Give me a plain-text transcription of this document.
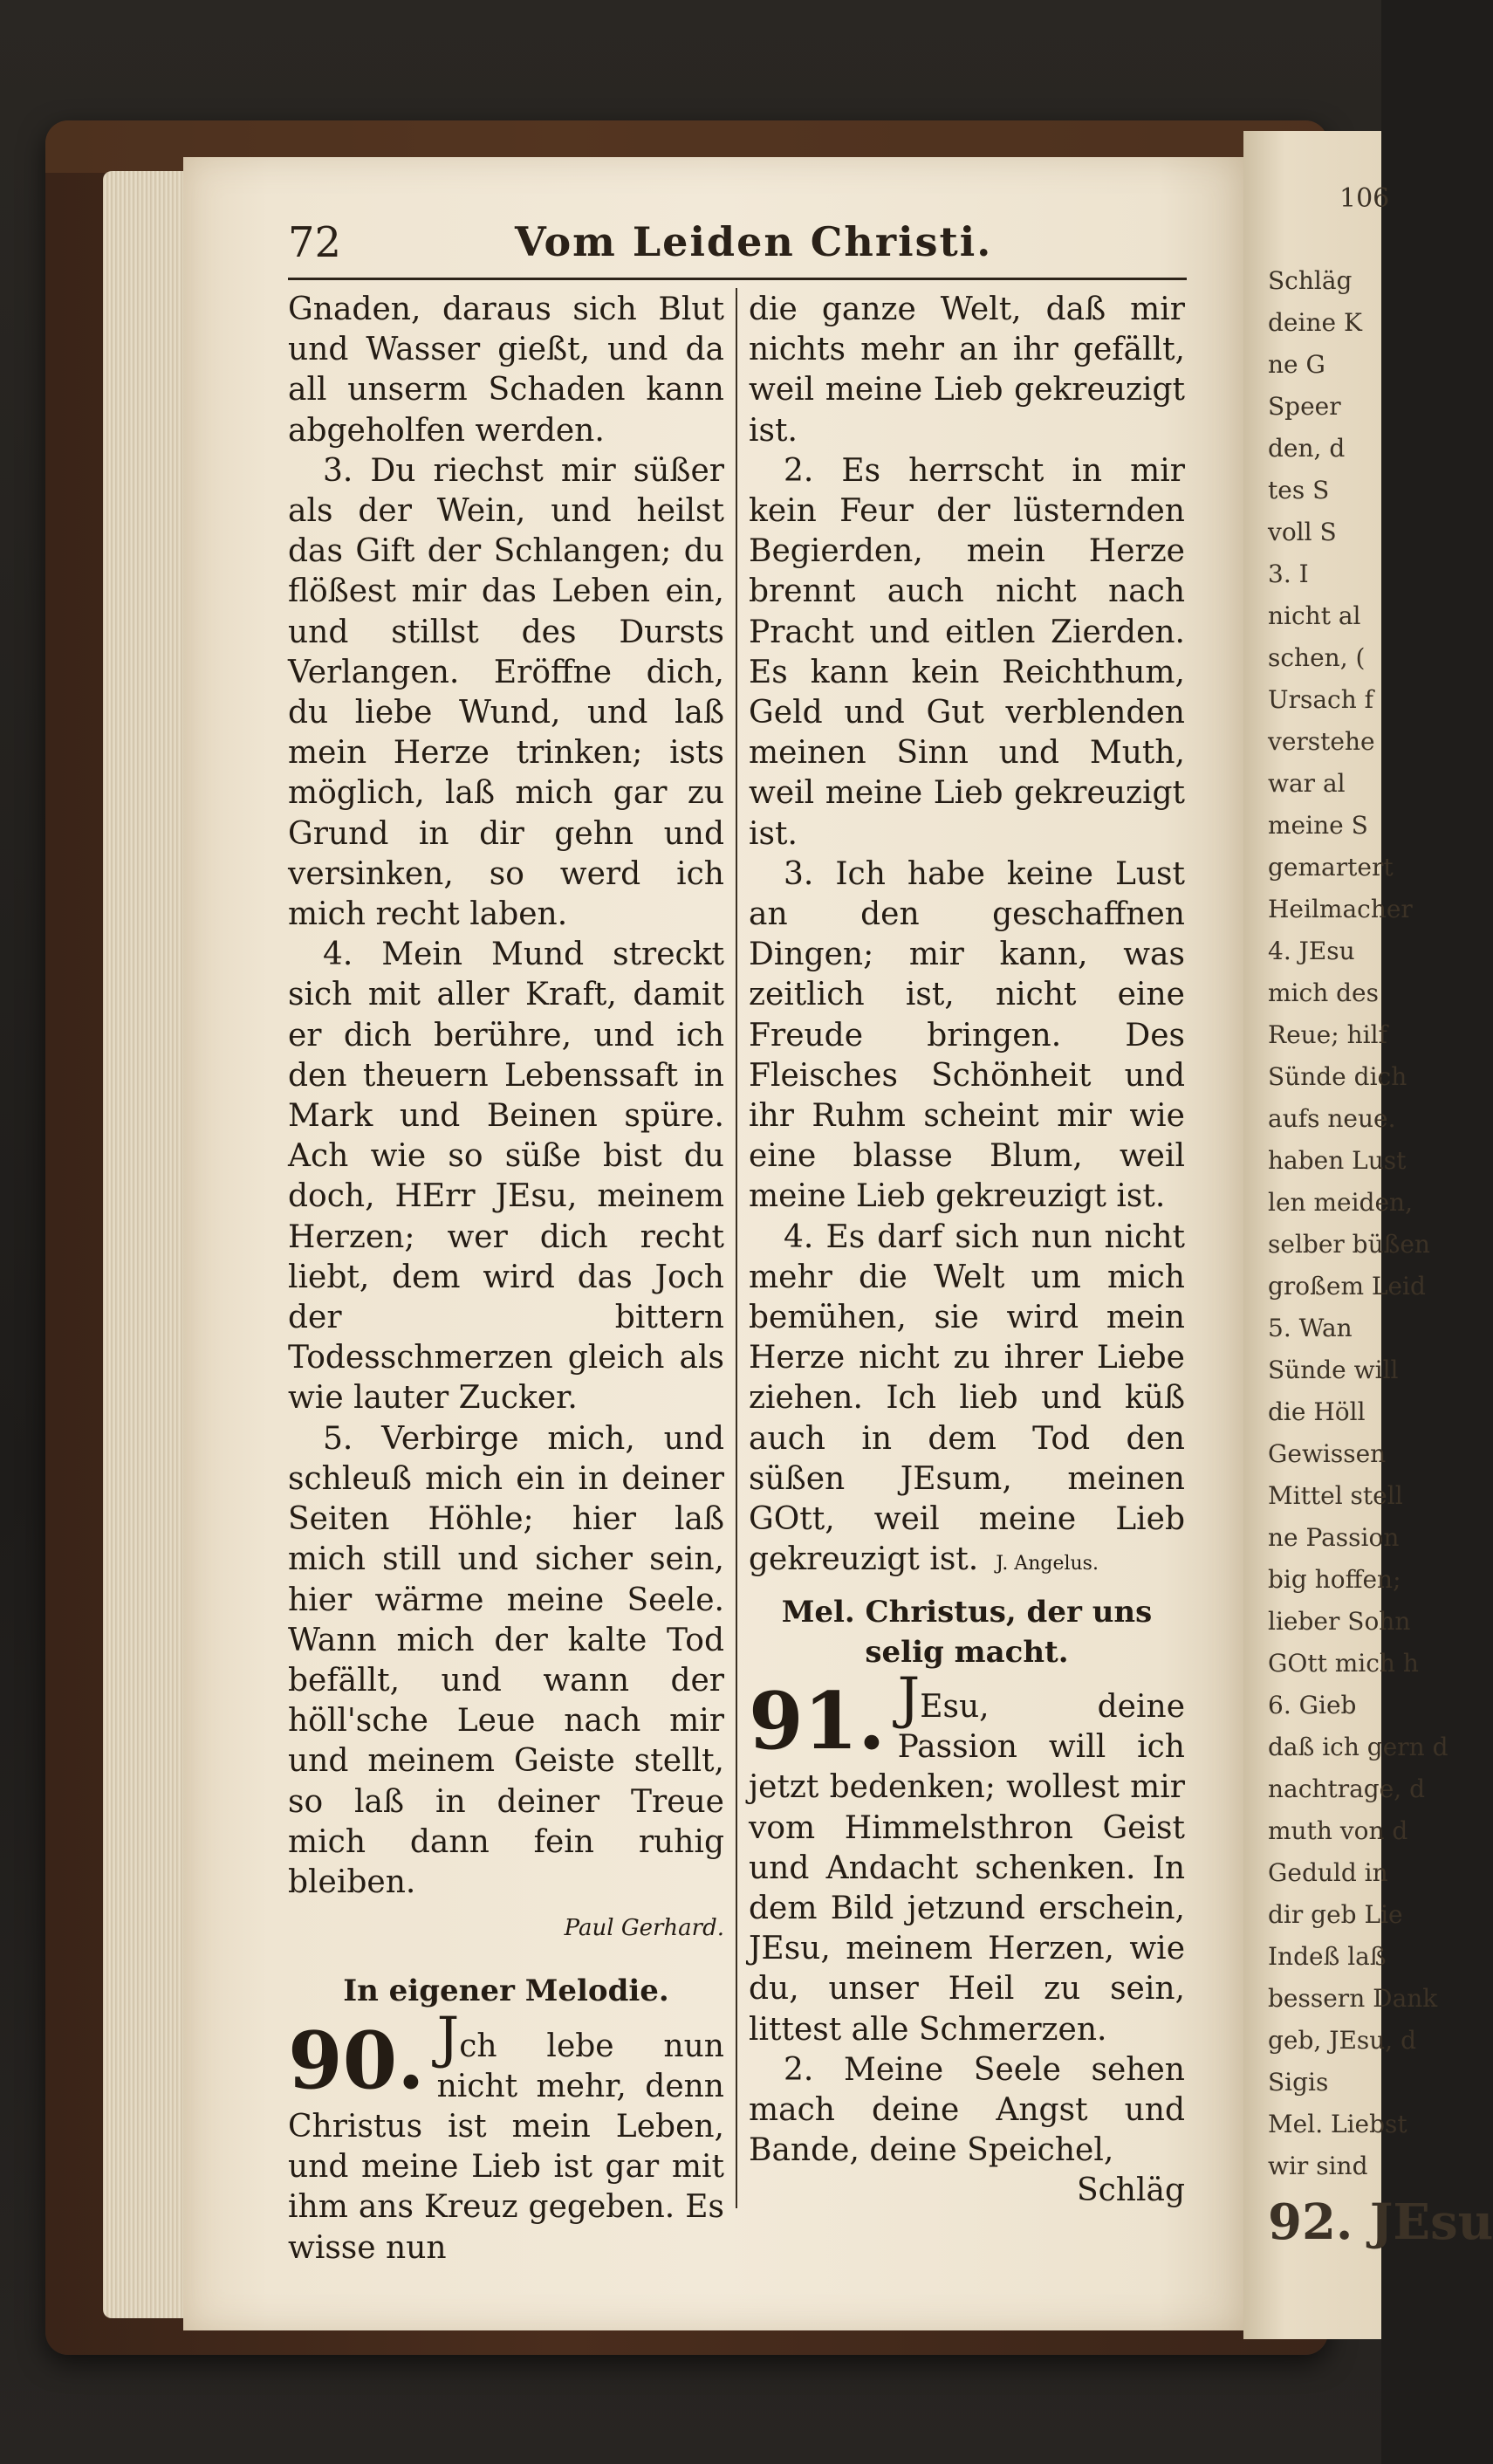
106
Schläg
deine K
ne G
Speer
den, d
tes S
voll S
3. I
nicht al
schen, (
Ursach f
verstehe
war al
meine S
gemartert
Heilmacher
4. JEsu
mich des
Reue; hilf
Sünde dich
aufs neue.
haben Lust
len meiden,
selber büßen
großem Leid
5. Wan
Sünde will
die Höll
Gewissen
Mittel stell
ne Passion
big hoffen;
lieber Sohn
GOtt mich h
6. Gieb
daß ich gern d
nachtrage, d
muth von d
Geduld in
dir geb Lie
Indeß laß
bessern Dank
geb, JEsu, d
Sigis
Mel. Liebst
wir sind
92. JEsu
72	Vom Leiden Christi.

Gnaden, daraus sich Blut und Wasser gießt, und da all unserm Schaden kann abgeholfen werden.

3. Du riechst mir süßer als der Wein, und heilst das Gift der Schlangen; du flößest mir das Leben ein, und stillst des Dursts Verlangen. Eröffne dich, du liebe Wund, und laß mein Herze trinken; ists möglich, laß mich gar zu Grund in dir gehn und versinken, so werd ich mich recht laben.

4. Mein Mund streckt sich mit aller Kraft, damit er dich berühre, und ich den theuern Lebenssaft in Mark und Beinen spüre. Ach wie so süße bist du doch, HErr JEsu, meinem Herzen; wer dich recht liebt, dem wird das Joch der bittern Todesschmerzen gleich als wie lauter Zucker.

5. Verbirge mich, und schleuß mich ein in deiner Seiten Höhle; hier laß mich still und sicher sein, hier wärme meine Seele. Wann mich der kalte Tod befällt, und wann der höll'sche Leue nach mir und meinem Geiste stellt, so laß in deiner Treue mich dann fein ruhig bleiben.

Paul Gerhard.
In eigener Melodie.

90. Jch lebe nun nicht mehr, denn Christus ist mein Leben, und meine Lieb ist gar mit ihm ans Kreuz gegeben. Es wisse nun

die ganze Welt, daß mir nichts mehr an ihr gefällt, weil meine Lieb gekreuzigt ist.

2. Es herrscht in mir kein Feur der lüsternden Begierden, mein Herze brennt auch nicht nach Pracht und eitlen Zierden. Es kann kein Reichthum, Geld und Gut verblenden meinen Sinn und Muth, weil meine Lieb gekreuzigt ist.

3. Ich habe keine Lust an den geschaffnen Dingen; mir kann, was zeitlich ist, nicht eine Freude bringen. Des Fleisches Schönheit und ihr Ruhm scheint mir wie eine blasse Blum, weil meine Lieb gekreuzigt ist.

4. Es darf sich nun nicht mehr die Welt um mich bemühen, sie wird mein Herze nicht zu ihrer Liebe ziehen. Ich lieb und küß auch in dem Tod den süßen JEsum, meinen GOtt, weil meine Lieb gekreuzigt ist. J. Angelus.

Mel. Christus, der uns selig macht.

91. JEsu, deine Passion will ich jetzt bedenken; wollest mir vom Himmelsthron Geist und Andacht schenken. In dem Bild jetzund erschein, JEsu, meinem Herzen, wie du, unser Heil zu sein, littest alle Schmerzen.

2. Meine Seele sehen mach deine Angst und Bande, deine Speichel,

Schläg
